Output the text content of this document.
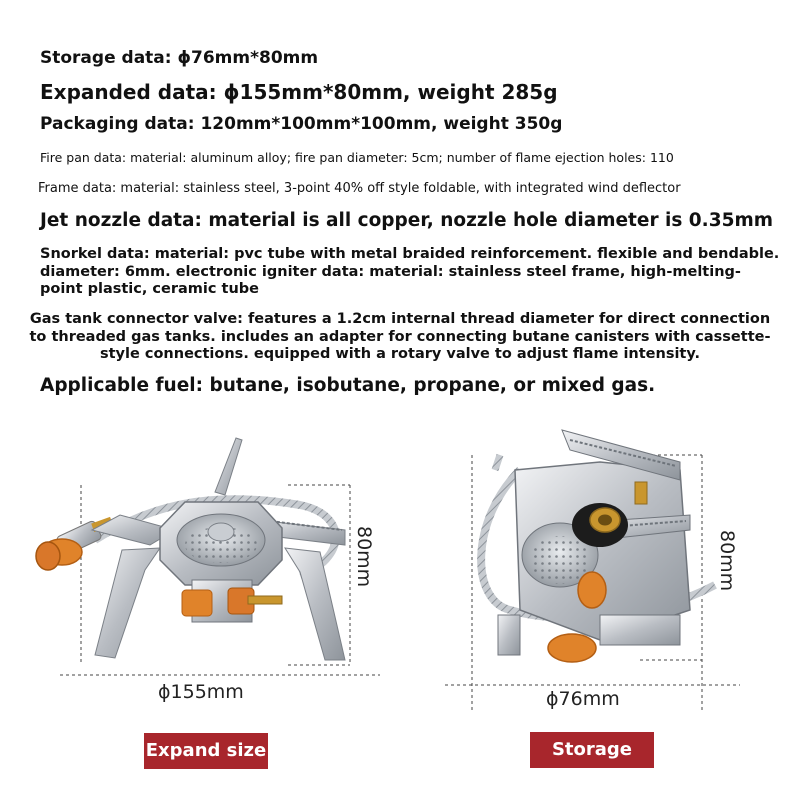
Storage data: ϕ76mm*80mm
Expanded data: ϕ155mm*80mm, weight 285g
Packaging data: 120mm*100mm*100mm, weight 350g
Fire pan data: material: aluminum alloy; fire pan diameter: 5cm; number of flame ejection holes: 110
Frame data: material: stainless steel, 3-point 40% off style foldable, with integrated wind deflector
Jet nozzle data: material is all copper, nozzle hole diameter is 0.35mm
Snorkel data: material: pvc tube with metal braided reinforcement. flexible and bendable. diameter: 6mm. electronic igniter data: material: stainless steel frame, high-melting-point plastic, ceramic tube
Gas tank connector valve: features a 1.2cm internal thread diameter for direct connection to threaded gas tanks. includes an adapter for connecting butane canisters with cassette-style connections. equipped with a rotary valve to adjust flame intensity.
Applicable fuel: butane, isobutane, propane, or mixed gas.
ϕ155mm
80mm
ϕ76mm
80mm
Expand size	Storage size
